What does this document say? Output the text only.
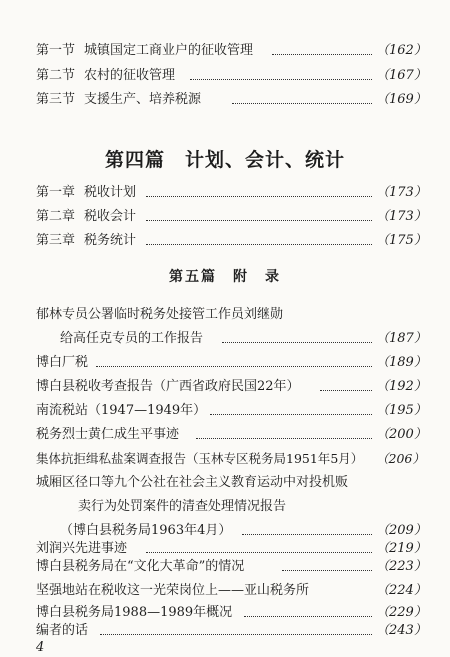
第一节 城镇国定工商业户的征收管理	（162）
第二节 农村的征收管理	（167）
第三节 支援生产、培养税源	（169）
第四篇　计划、会计、统计
第一章 税收计划	（173）
第二章 税收会计	（173）
第三章 税务统计	（175）
第五篇　附　录
郁林专员公署临时税务处接管工作员刘继勋
给高任克专员的工作报告	（187）
博白厂税	（189）
博白县税收考查报告（广西省政府民国22年）	（192）
南流税站（1947—1949年）	（195）
税务烈士黄仁成生平事迹	（200）
集体抗拒缉私盐案调查报告（玉林专区税务局1951年5月） （206）
城厢区径口等九个公社在社会主义教育运动中对投机贩
卖行为处罚案件的清查处理情况报告
（博白县税务局1963年4月）	（209）
刘润兴先进事迹	（219）
博白县税务局在“文化大革命”的情况	（223）
坚强地站在税收这一光荣岗位上——亚山税务所	（224）
4
博白县税务局1988—1989年概况	（229）
编者的话	（243）
